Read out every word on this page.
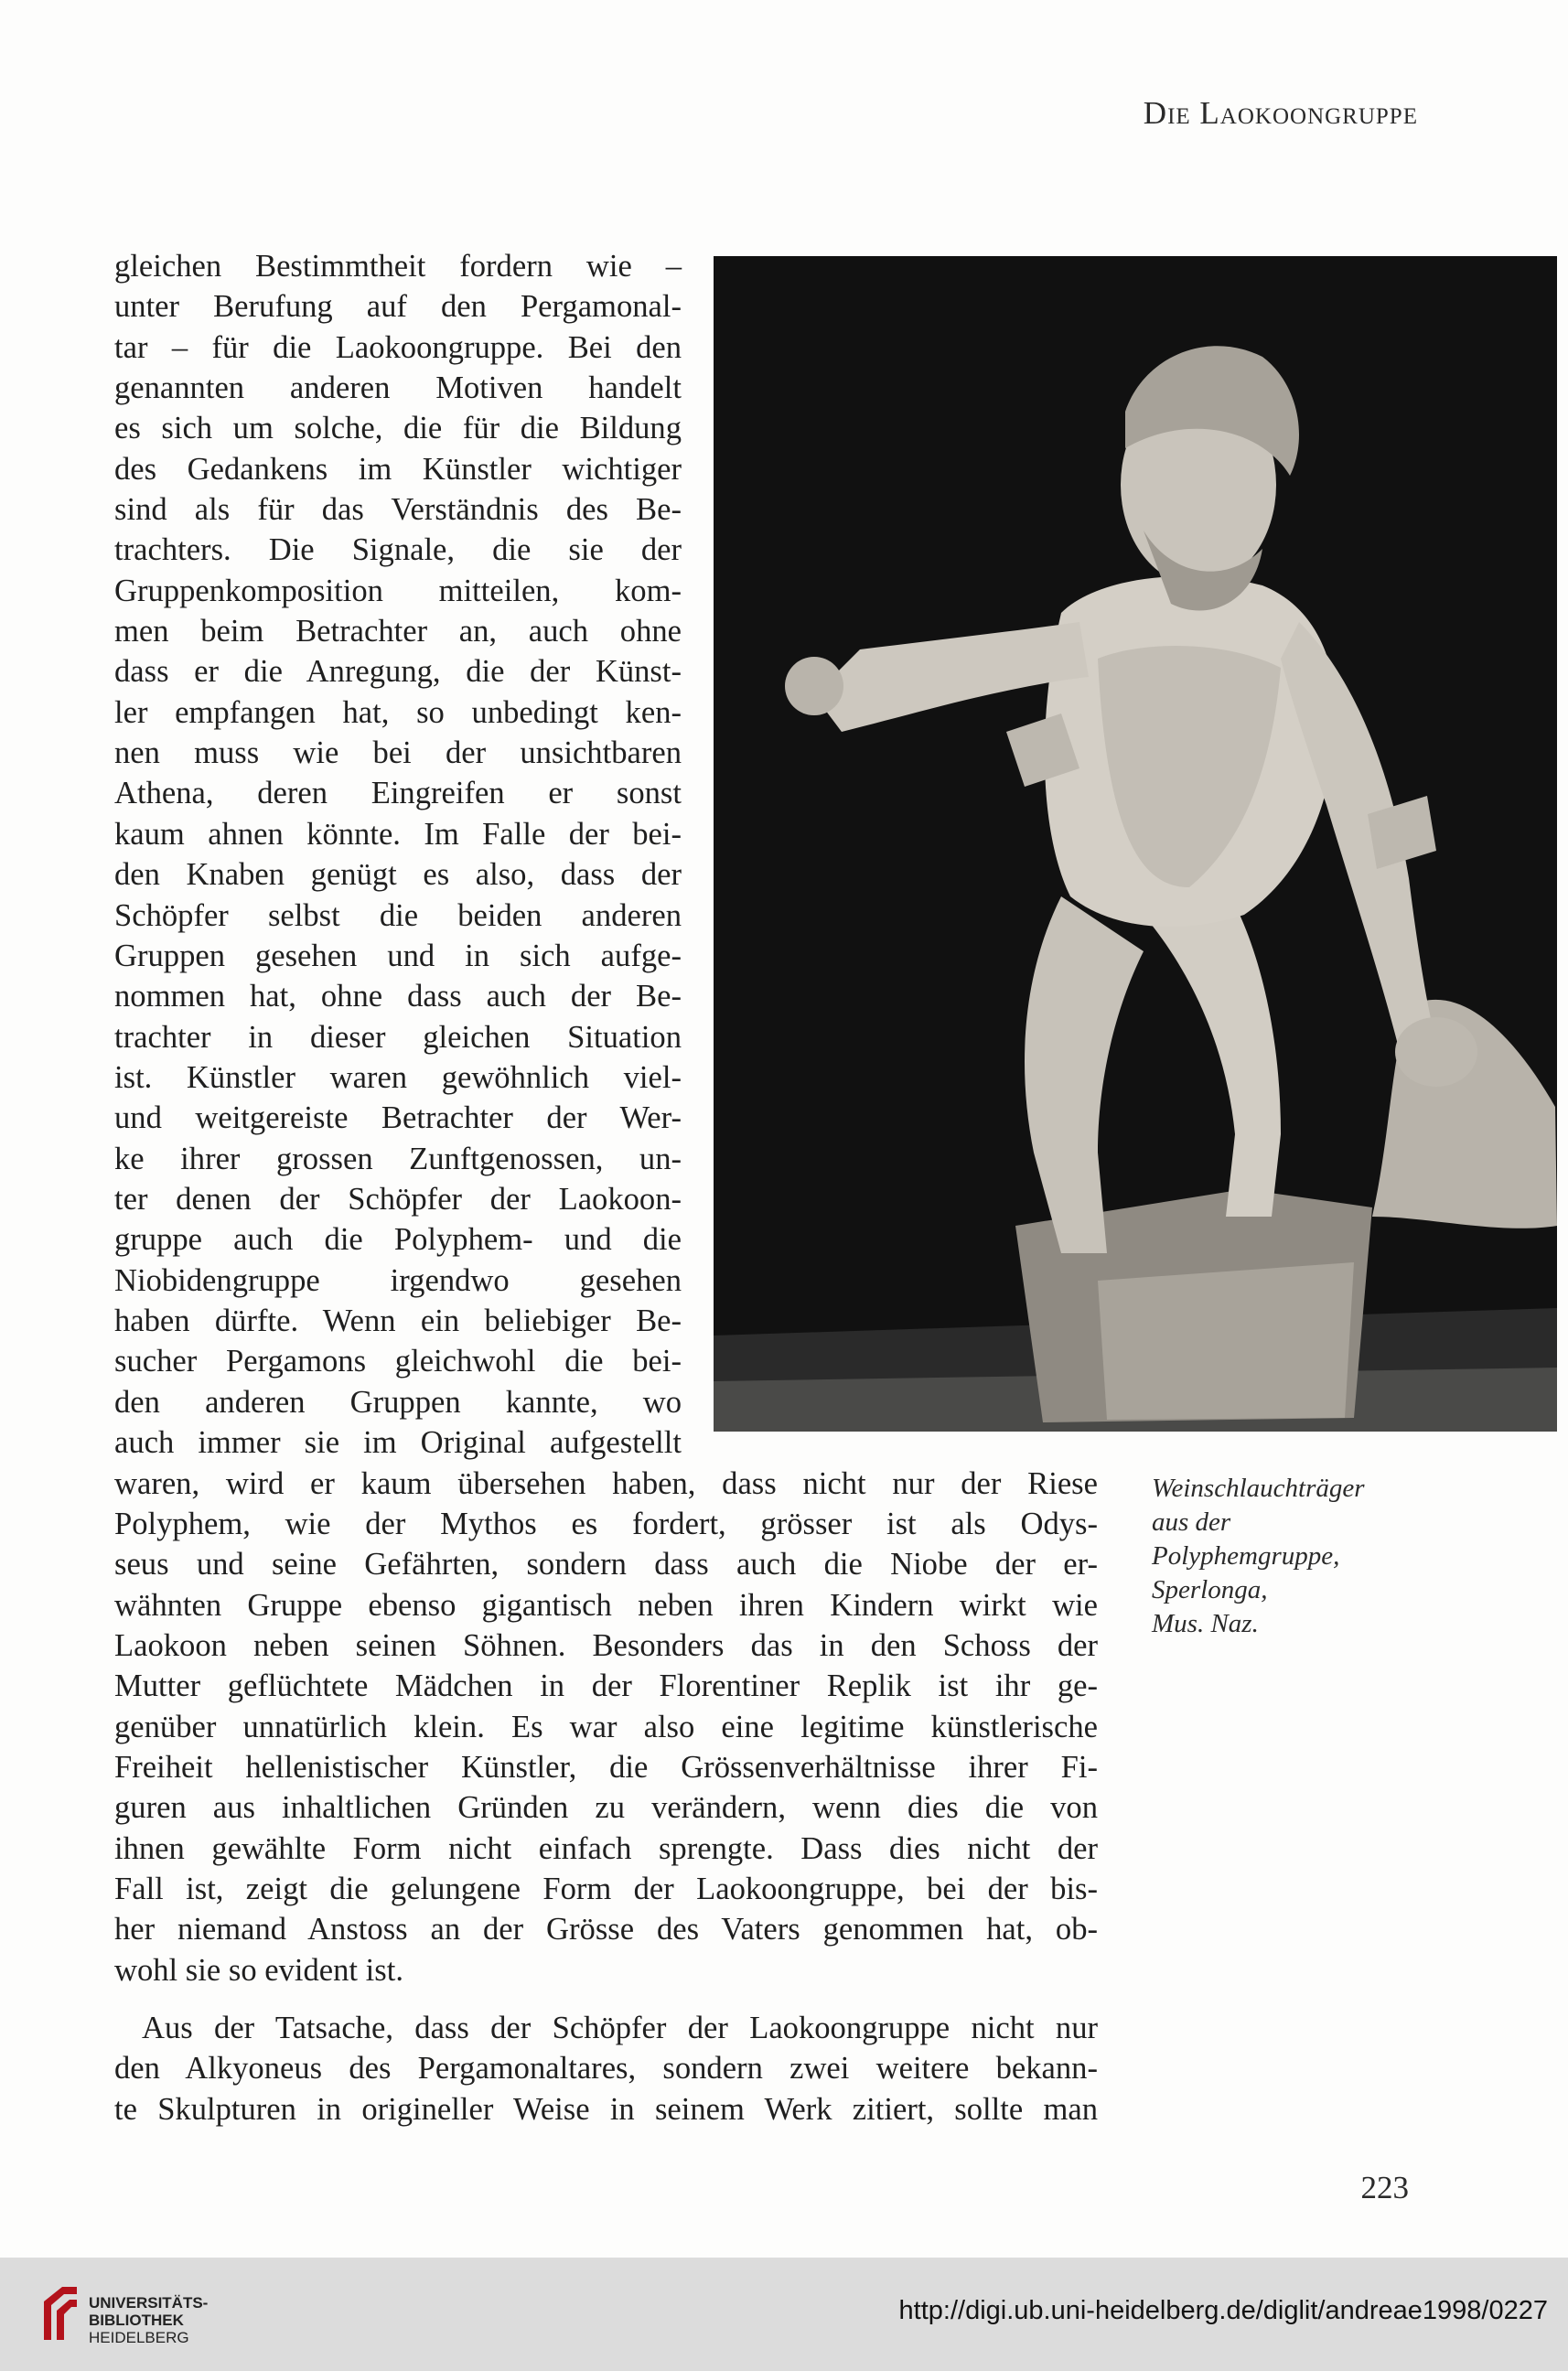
Die Laokoongruppe
gleichen Bestimmtheit fordern wie –
unter Berufung auf den Pergamonal-
tar – für die Laokoongruppe. Bei den
genannten anderen Motiven handelt
es sich um solche, die für die Bildung
des Gedankens im Künstler wichtiger
sind als für das Verständnis des Be-
trachters. Die Signale, die sie der
Gruppenkomposition mitteilen, kom-
men beim Betrachter an, auch ohne
dass er die Anregung, die der Künst-
ler empfangen hat, so unbedingt ken-
nen muss wie bei der unsichtbaren
Athena, deren Eingreifen er sonst
kaum ahnen könnte. Im Falle der bei-
den Knaben genügt es also, dass der
Schöpfer selbst die beiden anderen
Gruppen gesehen und in sich aufge-
nommen hat, ohne dass auch der Be-
trachter in dieser gleichen Situation
ist. Künstler waren gewöhnlich viel-
und weitgereiste Betrachter der Wer-
ke ihrer grossen Zunftgenossen, un-
ter denen der Schöpfer der Laokoon-
gruppe auch die Polyphem- und die
Niobidengruppe irgendwo gesehen
haben dürfte. Wenn ein beliebiger Be-
sucher Pergamons gleichwohl die bei-
den anderen Gruppen kannte, wo
auch immer sie im Original aufgestellt
waren, wird er kaum übersehen haben, dass nicht nur der Riese
Polyphem, wie der Mythos es fordert, grösser ist als Odys-
seus und seine Gefährten, sondern dass auch die Niobe der er-
wähnten Gruppe ebenso gigantisch neben ihren Kindern wirkt wie
Laokoon neben seinen Söhnen. Besonders das in den Schoss der
Mutter geflüchtete Mädchen in der Florentiner Replik ist ihr ge-
genüber unnatürlich klein. Es war also eine legitime künstlerische
Freiheit hellenistischer Künstler, die Grössenverhältnisse ihrer Fi-
guren aus inhaltlichen Gründen zu verändern, wenn dies die von
ihnen gewählte Form nicht einfach sprengte. Dass dies nicht der
Fall ist, zeigt die gelungene Form der Laokoongruppe, bei der bis-
her niemand Anstoss an der Grösse des Vaters genommen hat, ob-
wohl sie so evident ist.
Aus der Tatsache, dass der Schöpfer der Laokoongruppe nicht nur
den Alkyoneus des Pergamonaltares, sondern zwei weitere bekann-
te Skulpturen in origineller Weise in seinem Werk zitiert, sollte man
Weinschlauchträger
aus der
Polyphemgruppe,
Sperlonga,
Mus. Naz.
223
UNIVERSITÄTS-
BIBLIOTHEK
HEIDELBERG
http://digi.ub.uni-heidelberg.de/diglit/andreae1998/0227
